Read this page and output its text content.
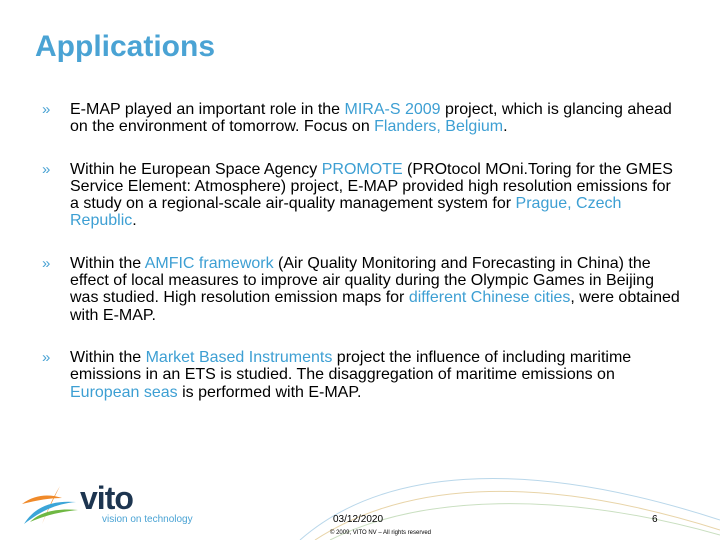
Applications
» E-MAP played an important role in the MIRA-S 2009 project, which is glancing ahead on the environment of tomorrow. Focus on Flanders, Belgium.
» Within he European Space Agency PROMOTE (PROtocol MOni.Toring for the GMES Service Element: Atmosphere) project, E-MAP provided high resolution emissions for a study on a regional-scale air-quality management system for Prague, Czech Republic.
» Within the AMFIC framework (Air Quality Monitoring and Forecasting in China) the effect of local measures to improve air quality during the Olympic Games in Beijing was studied. High resolution emission maps for different Chinese cities, were obtained with E-MAP.
» Within the Market Based Instruments project the influence of including maritime emissions in an ETS is studied. The disaggregation of maritime emissions on European seas is performed with E-MAP.
vito
vision on technology	03/12/2020
© 2009, VITO NV – All rights reserved
6
